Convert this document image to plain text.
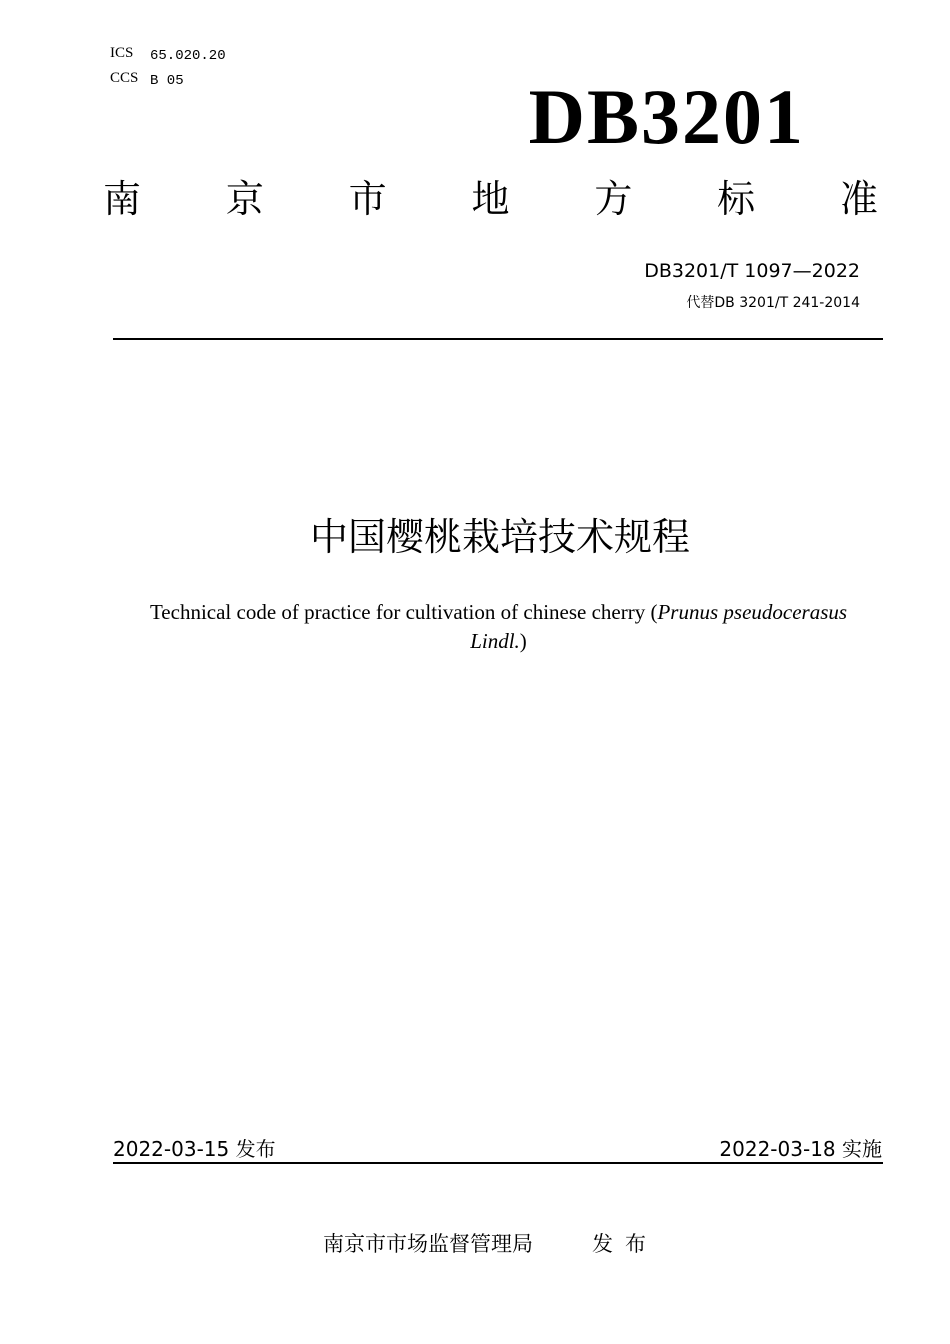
ICS 65.020.20
CCS B 05	DB3201
南 京 市 地 方 标 准
DB3201/T 1097—2022
代替DB 3201/T 241-2014
中国樱桃栽培技术规程
Technical code of practice for cultivation of chinese cherry (Prunus pseudocerasus
Lindl.)
2022-03-15 发布	2022-03-18 实施
南京市市场监督管理局	发布
